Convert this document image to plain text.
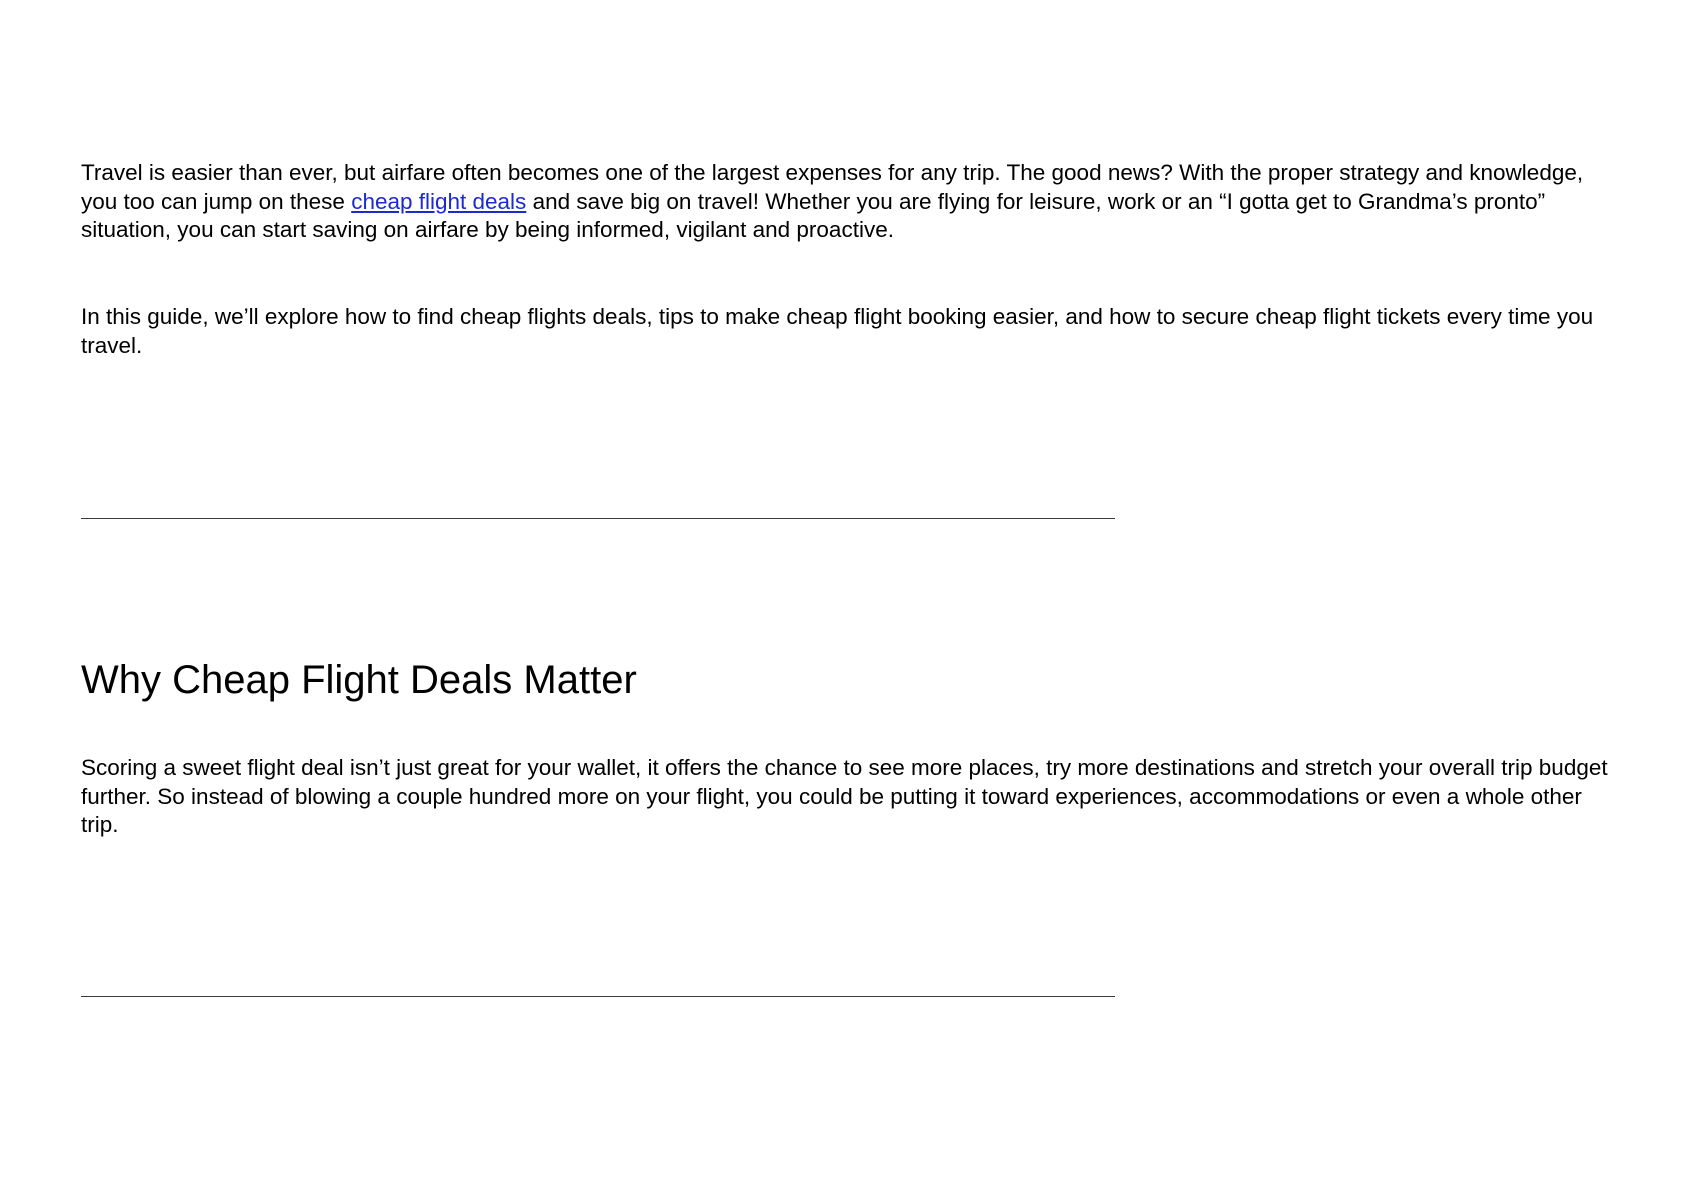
Travel is easier than ever, but airfare often becomes one of the largest expenses for any trip. The good news? With the proper strategy and knowledge, you too can jump on these cheap flight deals and save big on travel! Whether you are flying for leisure, work or an “I gotta get to Grandma’s pronto” situation, you can start saving on airfare by being informed, vigilant and proactive.

In this guide, we’ll explore how to find cheap flights deals, tips to make cheap flight booking easier, and how to secure cheap flight tickets every time you travel.

Why Cheap Flight Deals Matter

Scoring a sweet flight deal isn’t just great for your wallet, it offers the chance to see more places, try more destinations and stretch your overall trip budget further. So instead of blowing a couple hundred more on your flight, you could be putting it toward experiences, accommodations or even a whole other trip.
